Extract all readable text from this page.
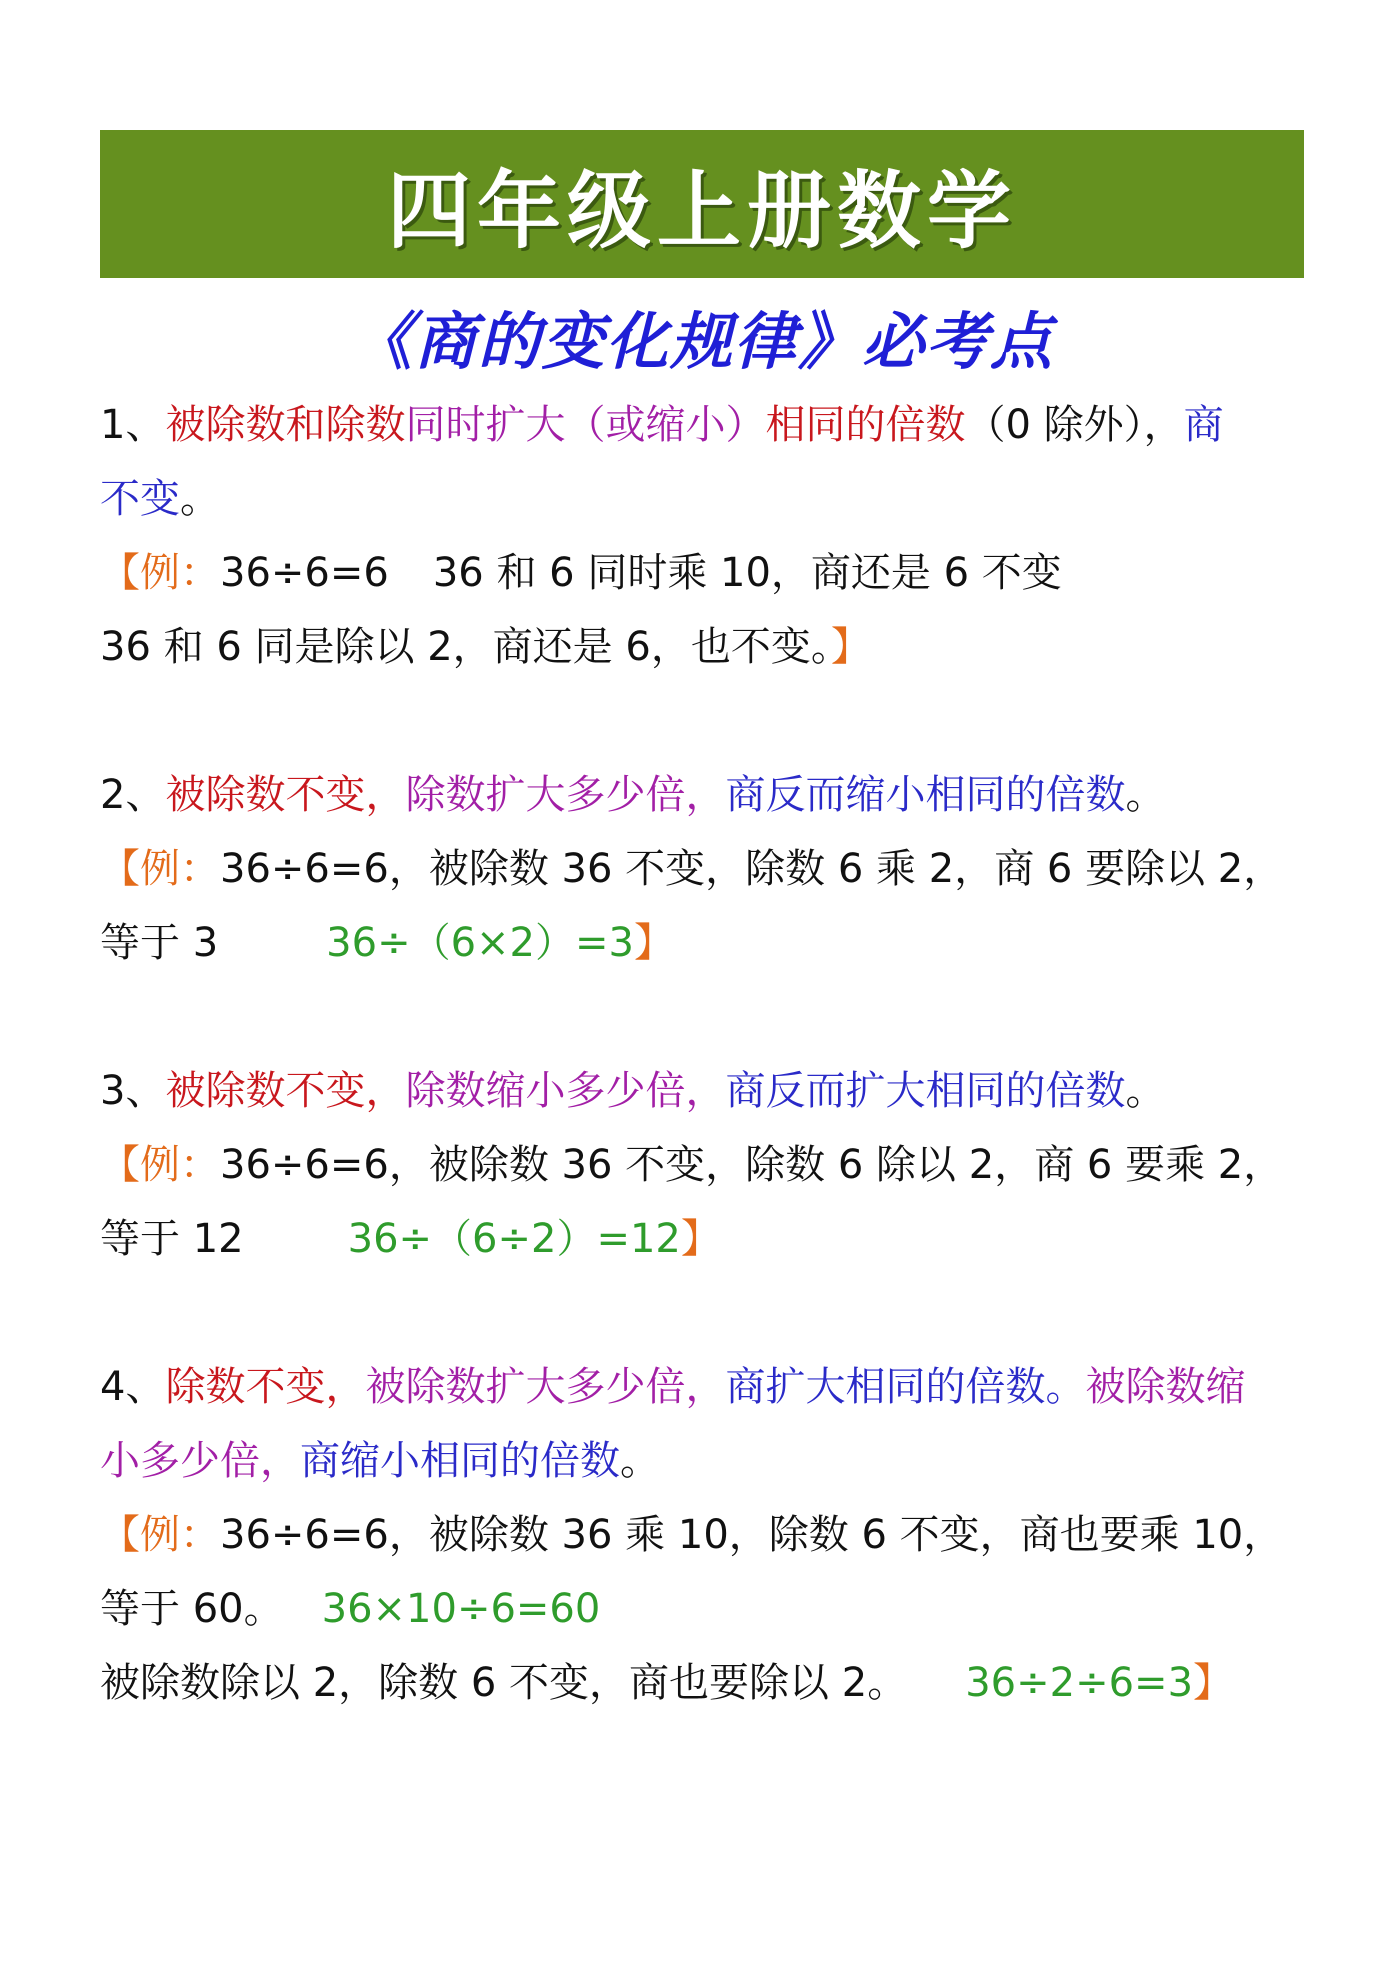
四年级上册数学
《商的变化规律》必考点
1、被除数和除数同时扩大（或缩小）相同的倍数（0 除外），商
不变。
【例：36÷6=6 36 和 6 同时乘 10，商还是 6 不变
36 和 6 同是除以 2，商还是 6，也不变。】
2、被除数不变，除数扩大多少倍，商反而缩小相同的倍数。
【例：36÷6=6，被除数 36 不变，除数 6 乘 2，商 6 要除以 2，
等于 3	36÷（6×2）=3】
3、被除数不变，除数缩小多少倍，商反而扩大相同的倍数。
【例：36÷6=6，被除数 36 不变，除数 6 除以 2，商 6 要乘 2，
等于 12	36÷（6÷2）=12】
4、除数不变，被除数扩大多少倍，商扩大相同的倍数。被除数缩
小多少倍，商缩小相同的倍数。
【例：36÷6=6，被除数 36 乘 10，除数 6 不变，商也要乘 10，
等于 60。 36×10÷6=60
被除数除以 2，除数 6 不变，商也要除以 2。 36÷2÷6=3】
